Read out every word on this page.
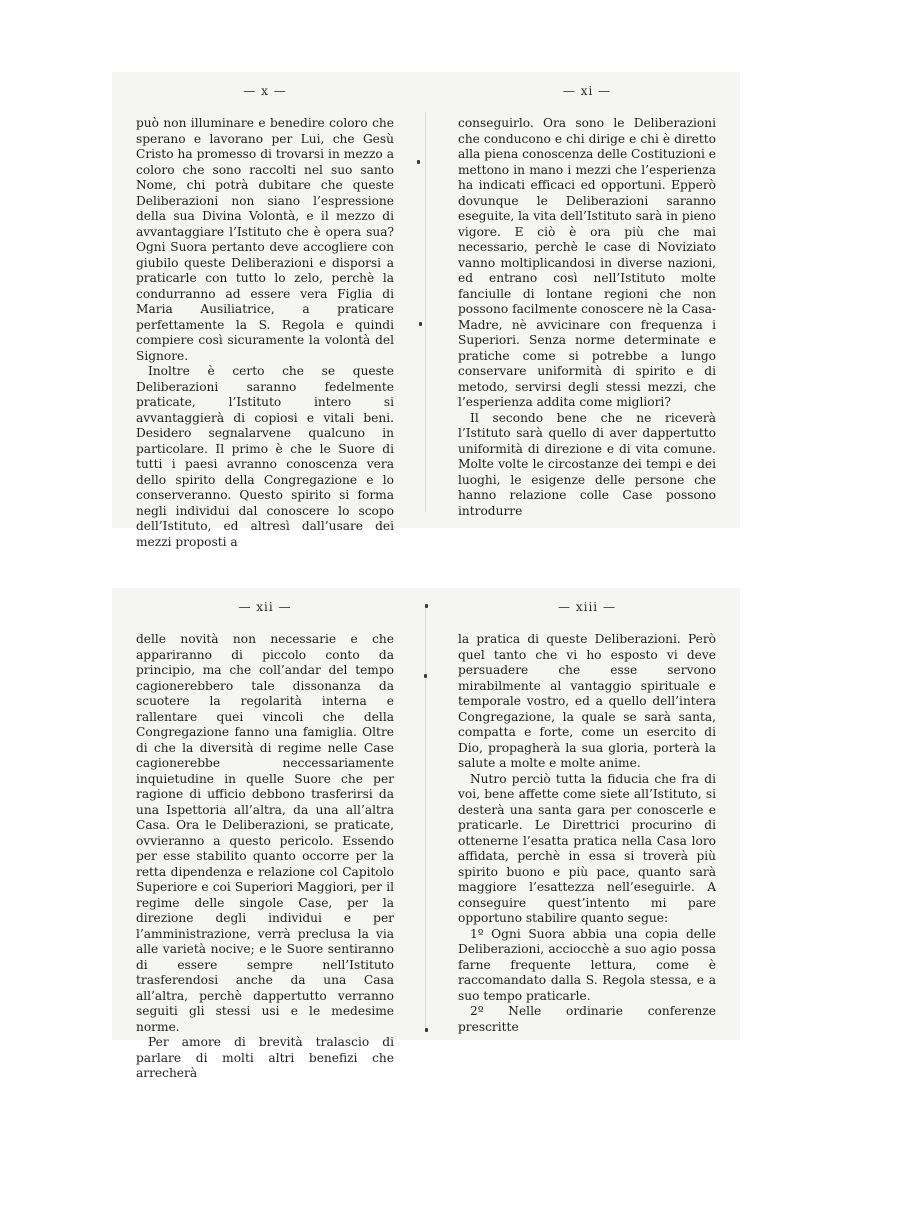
— x —

può non illuminare e benedire coloro che sperano e lavorano per Lui, che Gesù Cristo ha promesso di trovarsi in mezzo a coloro che sono raccolti nel suo santo Nome, chi potrà dubitare che queste Deliberazioni non siano l’espressione della sua Divina Volontà, e il mezzo di avvantaggiare l’Istituto che è opera sua? Ogni Suora pertanto deve accogliere con giubilo queste Deliberazioni e disporsi a praticarle con tutto lo zelo, perchè la condurranno ad essere vera Figlia di Maria Ausiliatrice, a praticare perfettamente la S. Regola e quindi compiere così sicuramente la volontà del Signore.

Inoltre è certo che se queste Deliberazioni saranno fedelmente praticate, l’Istituto intero si avvantaggierà di copiosi e vitali beni. Desidero segnalarvene qualcuno in particolare. Il primo è che le Suore di tutti i paesi avranno conoscenza vera dello spirito della Congregazione e lo conserveranno. Questo spirito si forma negli individui dal conoscere lo scopo dell’Istituto, ed altresì dall’usare dei mezzi proposti a

— xi —

conseguirlo. Ora sono le Deliberazioni che conducono e chi dirige e chi è diretto alla piena conoscenza delle Costituzioni e mettono in mano i mezzi che l’esperienza ha indicati efficaci ed opportuni. Epperò dovunque le Deliberazioni saranno eseguite, la vita dell’Istituto sarà in pieno vigore. E ciò è ora più che mai necessario, perchè le case di Noviziato vanno moltiplicandosi in diverse nazioni, ed entrano così nell’Istituto molte fanciulle di lontane regioni che non possono facilmente conoscere nè la Casa-Madre, nè avvicinare con frequenza i Superiori. Senza norme determinate e pratiche come si potrebbe a lungo conservare uniformità di spirito e di metodo, servirsi degli stessi mezzi, che l’esperienza addita come migliori?

Il secondo bene che ne riceverà l’Istituto sarà quello di aver dappertutto uniformità di direzione e di vita comune. Molte volte le circostanze dei tempi e dei luoghi, le esigenze delle persone che hanno relazione colle Case possono introdurre

— xii —

delle novità non necessarie e che appariranno di piccolo conto da principio, ma che coll’andar del tempo cagionerebbero tale dissonanza da scuotere la regolarità interna e rallentare quei vincoli che della Congregazione fanno una famiglia. Oltre di che la diversità di regime nelle Case cagionerebbe neccessariamente inquietudine in quelle Suore che per ragione di ufficio debbono trasferirsi da una Ispettoria all’altra, da una all’altra Casa. Ora le Deliberazioni, se praticate, ovvieranno a questo pericolo. Essendo per esse stabilito quanto occorre per la retta dipendenza e relazione col Capitolo Superiore e coi Superiori Maggiori, per il regime delle singole Case, per la direzione degli individui e per l’amministrazione, verrà preclusa la via alle varietà nocive; e le Suore sentiranno di essere sempre nell’Istituto trasferendosi anche da una Casa all’altra, perchè dappertutto verranno seguiti gli stessi usi e le medesime norme.

Per amore di brevità tralascio di parlare di molti altri benefizi che arrecherà

— xiii —

la pratica di queste Deliberazioni. Però quel tanto che vi ho esposto vi deve persuadere che esse servono mirabilmente al vantaggio spirituale e temporale vostro, ed a quello dell’intera Congregazione, la quale se sarà santa, compatta e forte, come un esercito di Dio, propagherà la sua gloria, porterà la salute a molte e molte anime.

Nutro perciò tutta la fiducia che fra di voi, bene affette come siete all’Istituto, si desterà una santa gara per conoscerle e praticarle. Le Direttrici procurino di ottenerne l’esatta pratica nella Casa loro affidata, perchè in essa si troverà più spirito buono e più pace, quanto sarà maggiore l’esattezza nell’eseguirle. A conseguire quest’intento mi pare opportuno stabilire quanto segue:

1º Ogni Suora abbia una copia delle Deliberazioni, acciocchè a suo agio possa farne frequente lettura, come è raccomandato dalla S. Regola stessa, e a suo tempo praticarle.

2º Nelle ordinarie conferenze prescritte
